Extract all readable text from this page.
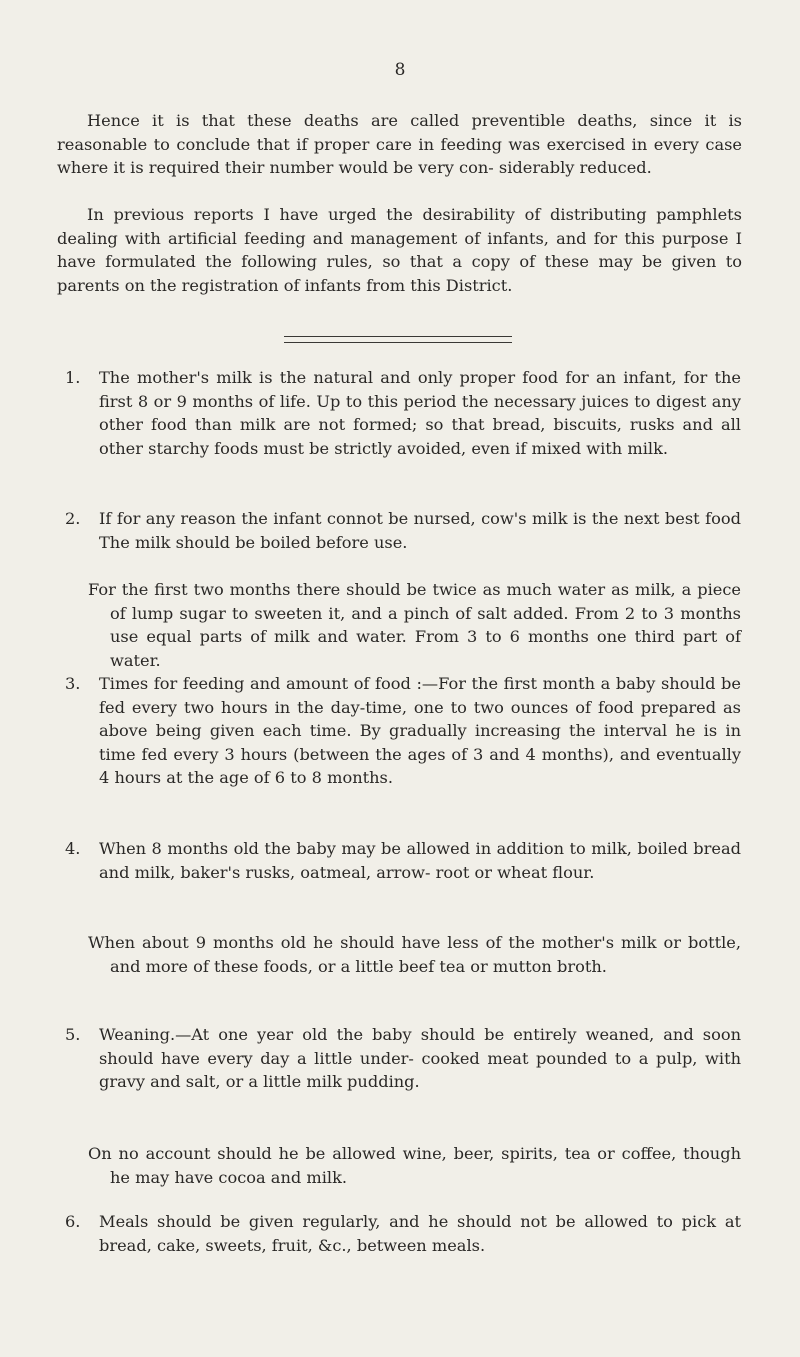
8

Hence it is that these deaths are called preventible deaths, since it is reasonable to conclude that if proper care in feeding was exercised in every case where it is required their number would be very con- siderably reduced.

In previous reports I have urged the desirability of distributing pamphlets dealing with artificial feeding and management of infants, and for this purpose I have formulated the following rules, so that a copy of these may be given to parents on the registration of infants from this District.

1. The mother's milk is the natural and only proper food for an infant, for the first 8 or 9 months of life. Up to this period the necessary juices to digest any other food than milk are not formed; so that bread, biscuits, rusks and all other starchy foods must be strictly avoided, even if mixed with milk.

2. If for any reason the infant connot be nursed, cow's milk is the next best food The milk should be boiled before use.

For the first two months there should be twice as much water as milk, a piece of lump sugar to sweeten it, and a pinch of salt added. From 2 to 3 months use equal parts of milk and water. From 3 to 6 months one third part of water.

3. Times for feeding and amount of food :—For the first month a baby should be fed every two hours in the day-time, one to two ounces of food prepared as above being given each time. By gradually increasing the interval he is in time fed every 3 hours (between the ages of 3 and 4 months), and eventually 4 hours at the age of 6 to 8 months.

4. When 8 months old the baby may be allowed in addition to milk, boiled bread and milk, baker's rusks, oatmeal, arrow- root or wheat flour.

When about 9 months old he should have less of the mother's milk or bottle, and more of these foods, or a little beef tea or mutton broth.

5. Weaning.—At one year old the baby should be entirely weaned, and soon should have every day a little under- cooked meat pounded to a pulp, with gravy and salt, or a little milk pudding.

On no account should he be allowed wine, beer, spirits, tea or coffee, though he may have cocoa and milk.

6. Meals should be given regularly, and he should not be allowed to pick at bread, cake, sweets, fruit, &c., between meals.
